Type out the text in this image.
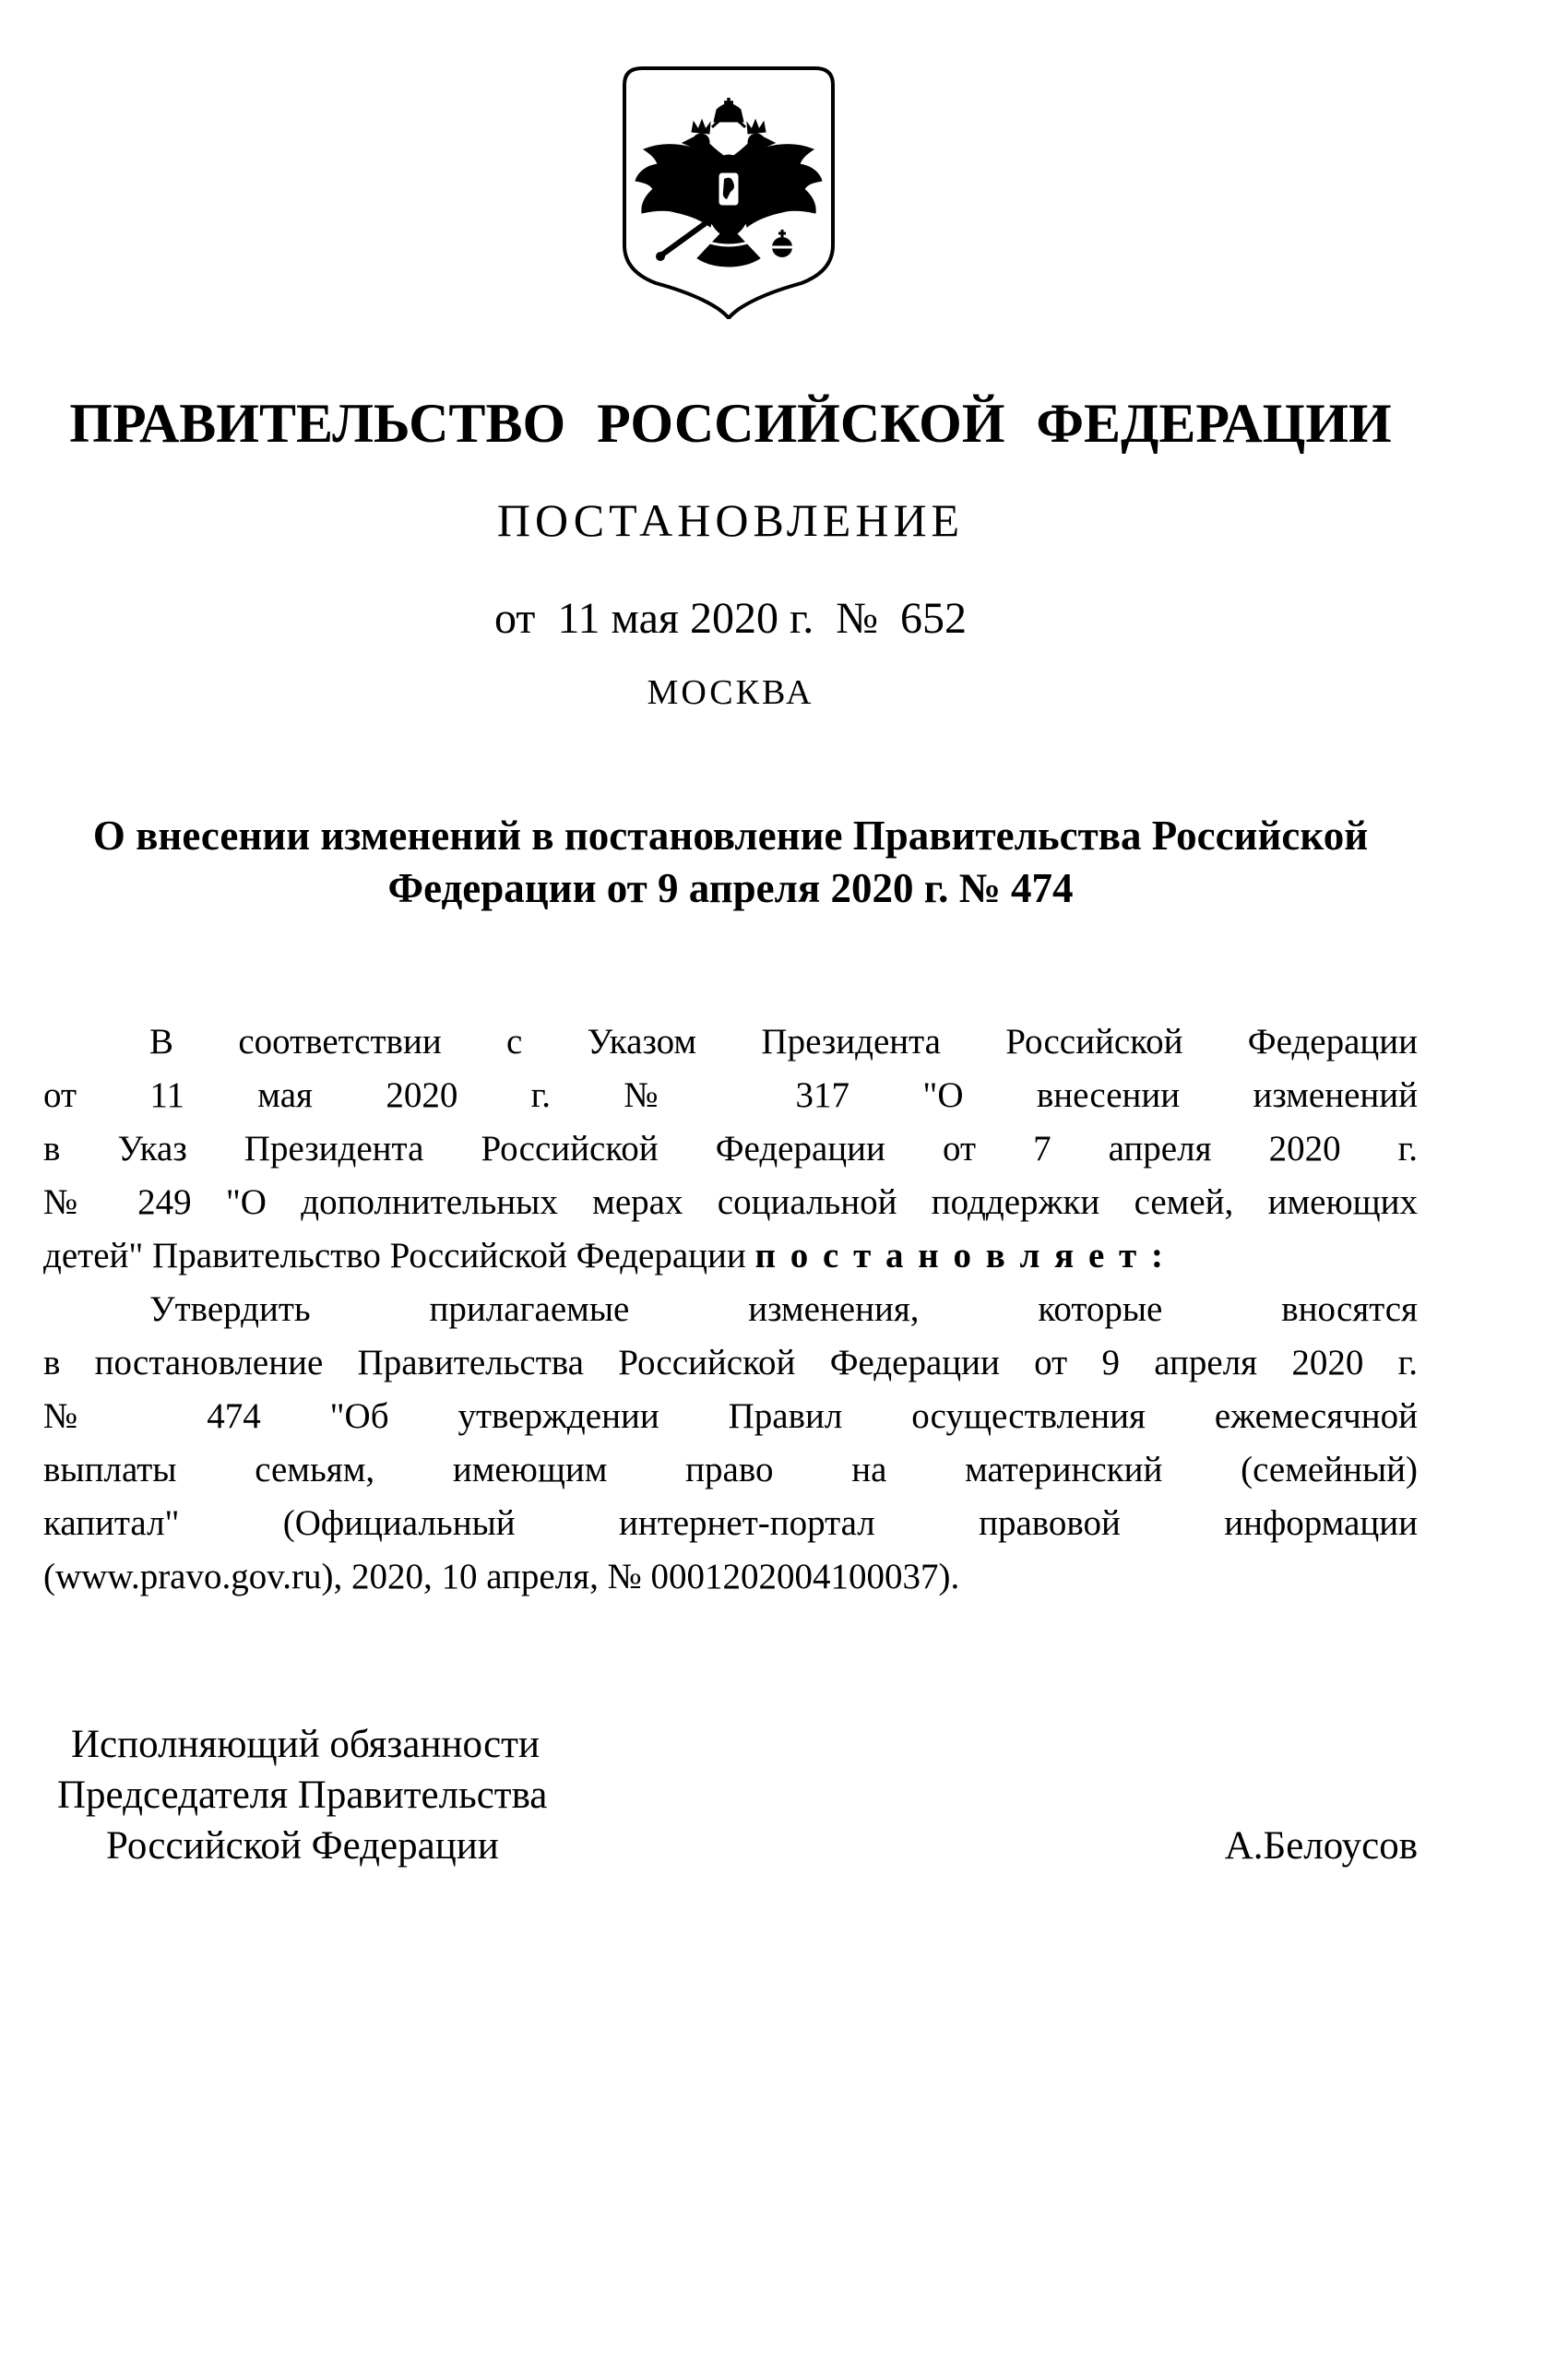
ПРАВИТЕЛЬСТВО  РОССИЙСКОЙ  ФЕДЕРАЦИИ
ПОСТАНОВЛЕНИЕ
от  11 мая 2020 г.  №  652
МОСКВА
О внесении изменений в постановление Правительства Российской
Федерации от 9 апреля 2020 г. № 474
В соответствии с Указом Президента Российской Федерации
от 11 мая 2020 г. № 317 "О внесении изменений
в Указ Президента Российской Федерации от 7 апреля 2020 г.
№ 249 "О дополнительных мерах социальной поддержки семей, имеющих
детей" Правительство Российской Федерации п о с т а н о в л я е т :
Утвердить прилагаемые изменения, которые вносятся
в постановление Правительства Российской Федерации от 9 апреля 2020 г.
№ 474 "Об утверждении Правил осуществления ежемесячной
выплаты семьям, имеющим право на материнский (семейный)
капитал" (Официальный интернет-портал правовой информации
(www.pravo.gov.ru), 2020, 10 апреля, № 0001202004100037).
Исполняющий обязанности
Председателя Правительства
Российской Федерации	А.Белоусов
